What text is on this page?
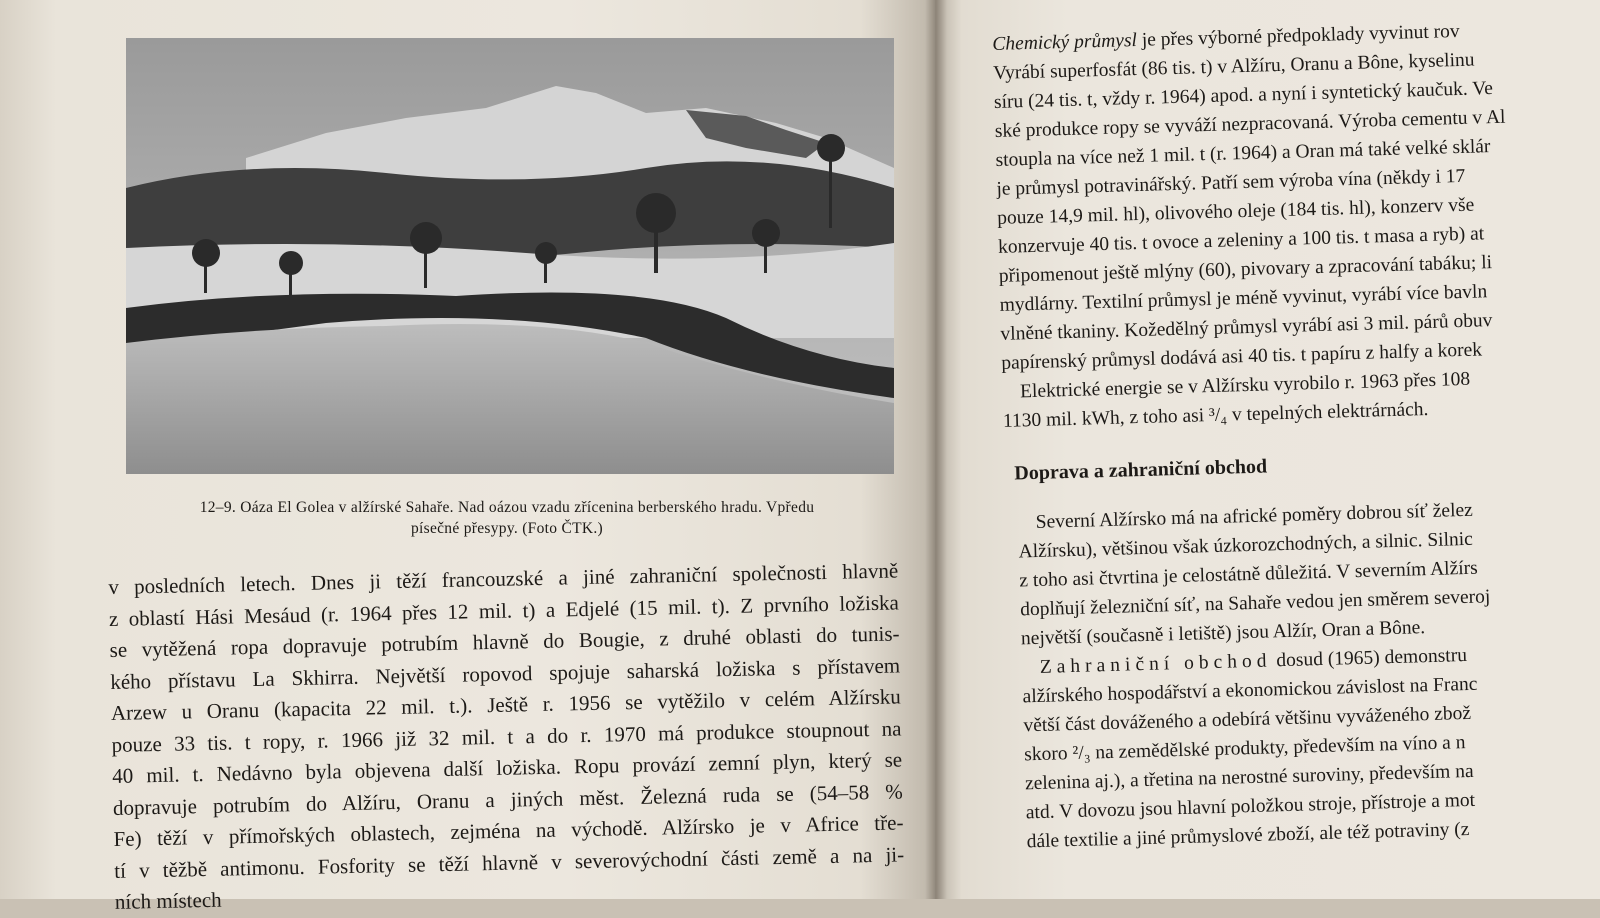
12–9. Oáza El Golea v alžírské Sahaře. Nad oázou vzadu zřícenina berberského hradu. Vpředu
písečné přesypy. (Foto ČTK.)
v posledních letech. Dnes ji těží francouzské a jiné zahraniční společnosti hlavně
z oblastí Hási Mesáud (r. 1964 přes 12 mil. t) a Edjelé (15 mil. t). Z prvního ložiska
se vytěžená ropa dopravuje potrubím hlavně do Bougie, z druhé oblasti do tunis-
kého přístavu La Skhirra. Největší ropovod spojuje saharská ložiska s přístavem
Arzew u Oranu (kapacita 22 mil. t.). Ještě r. 1956 se vytěžilo v celém Alžírsku
pouze 33 tis. t ropy, r. 1966 již 32 mil. t a do r. 1970 má produkce stoupnout na
40 mil. t. Nedávno byla objevena další ložiska. Ropu provází zemní plyn, který se
dopravuje potrubím do Alžíru, Oranu a jiných měst. Železná ruda se (54–58 %
Fe) těží v přímořských oblastech, zejména na východě. Alžírsko je v Africe tře-
tí v těžbě antimonu. Fosfority se těží hlavně v severovýchodní části země a na ji-
ních místech
Chemický průmysl je přes výborné předpoklady vyvinut rov
Vyrábí superfosfát (86 tis. t) v Alžíru, Oranu a Bône, kyselinu
síru (24 tis. t, vždy r. 1964) apod. a nyní i syntetický kaučuk. Ve
ské produkce ropy se vyváží nezpracovaná. Výroba cementu v Al
stoupla na více než 1 mil. t (r. 1964) a Oran má také velké sklár
je průmysl potravinářský. Patří sem výroba vína (někdy i 17
pouze 14,9 mil. hl), olivového oleje (184 tis. hl), konzerv vše
konzervuje 40 tis. t ovoce a zeleniny a 100 tis. t masa a ryb) at
připomenout ještě mlýny (60), pivovary a zpracování tabáku; li
mydlárny. Textilní průmysl je méně vyvinut, vyrábí více bavln
vlněné tkaniny. Kožedělný průmysl vyrábí asi 3 mil. párů obuv
papírenský průmysl dodává asi 40 tis. t papíru z halfy a korek
Elektrické energie se v Alžírsku vyrobilo r. 1963 přes 108
1130 mil. kWh, z toho asi ³/₄ v tepelných elektrárnách.
Doprava a zahraniční obchod
Severní Alžírsko má na africké poměry dobrou síť želez
Alžírsku), většinou však úzkorozchodných, a silnic. Silnic
z toho asi čtvrtina je celostátně důležitá. V severním Alžírs
doplňují železniční síť, na Sahaře vedou jen směrem severoj
největší (současně i letiště) jsou Alžír, Oran a Bône.
Zahraniční obchod dosud (1965) demonstru
alžírského hospodářství a ekonomickou závislost na Franc
větší část dováženého a odebírá většinu vyváženého zbož
skoro ²/₃ na zemědělské produkty, především na víno a n
zelenina aj.), a třetina na nerostné suroviny, především na
atd. V dovozu jsou hlavní položkou stroje, přístroje a mot
dále textilie a jiné průmyslové zboží, ale též potraviny (z
